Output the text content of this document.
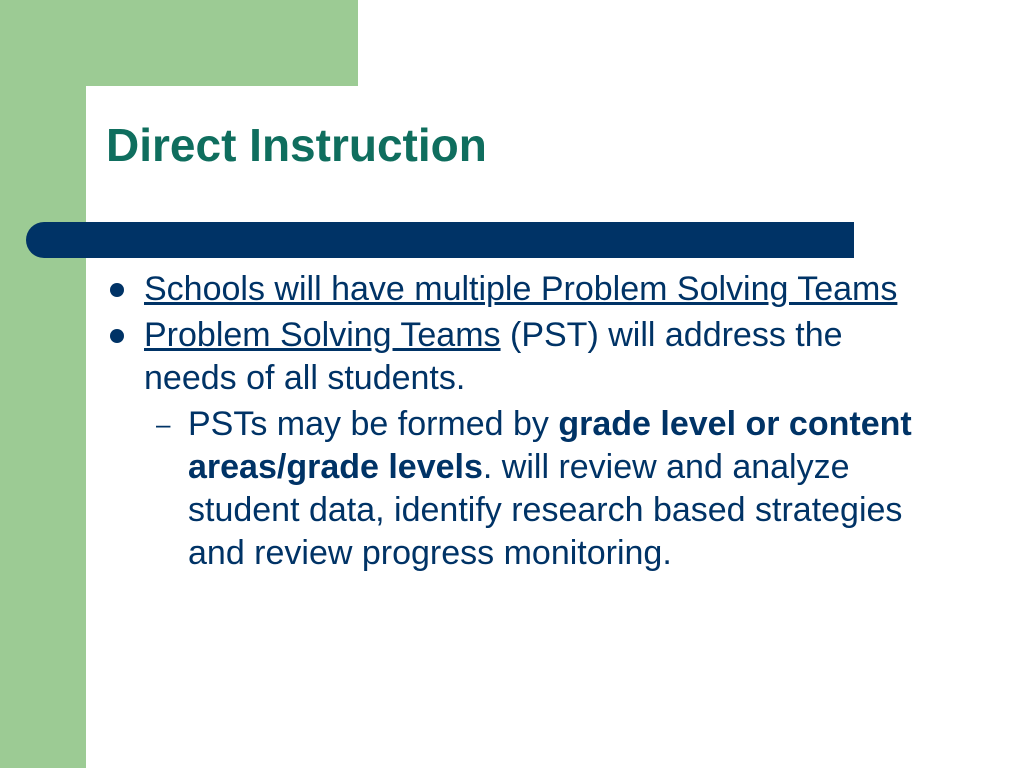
Direct Instruction
Schools will have multiple Problem Solving Teams
Problem Solving Teams (PST) will address the needs of all students.
– PSTs may be formed by grade level or content areas/grade levels. will review and analyze student data, identify research based strategies and review progress monitoring.
